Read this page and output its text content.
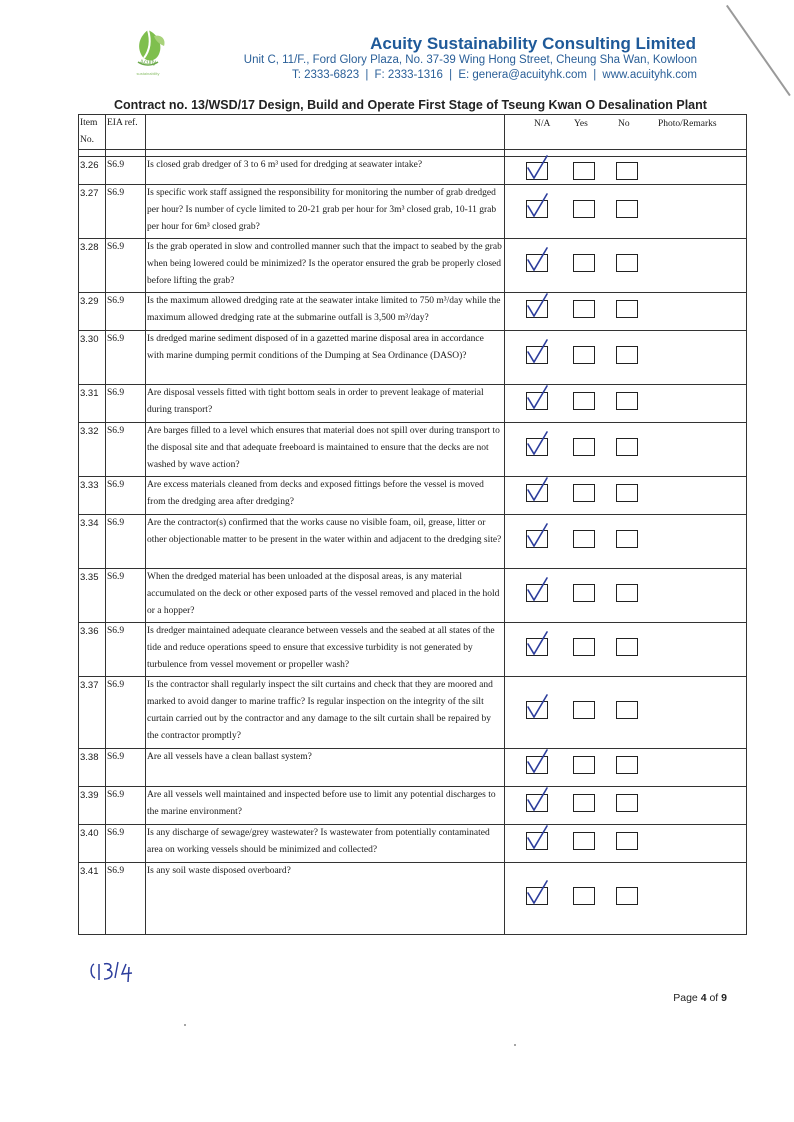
Acuity
sustainability
Acuity Sustainability Consulting Limited
Unit C, 11/F., Ford Glory Plaza, No. 37-39 Wing Hong Street, Cheung Sha Wan, Kowloon
T: 2333-6823 | F: 2333-1316 | E: genera@acuityhk.com | www.acuityhk.com
Contract no. 13/WSD/17 Design, Build and Operate First Stage of Tseung Kwan O Desalination Plant
Item No.	EIA ref.		N/A Yes No Photo/Remarks

3.26	S6.9	Is closed grab dredger of 3 to 6 m³ used for dredging at seawater intake?	

3.27	S6.9	Is specific work staff assigned the responsibility for monitoring the number of grab dredged per hour? Is number of cycle limited to 20-21 grab per hour for 3m³ closed grab, 10-11 grab per hour for 6m³ closed grab?	

3.28	S6.9	Is the grab operated in slow and controlled manner such that the impact to seabed by the grab when being lowered could be minimized? Is the operator ensured the grab be properly closed before lifting the grab?	

3.29	S6.9	Is the maximum allowed dredging rate at the seawater intake limited to 750 m³/day while the maximum allowed dredging rate at the submarine outfall is 3,500 m³/day?	

3.30	S6.9	Is dredged marine sediment disposed of in a gazetted marine disposal area in accordance with marine dumping permit conditions of the Dumping at Sea Ordinance (DASO)?	

3.31	S6.9	Are disposal vessels fitted with tight bottom seals in order to prevent leakage of material during transport?	

3.32	S6.9	Are barges filled to a level which ensures that material does not spill over during transport to the disposal site and that adequate freeboard is maintained to ensure that the decks are not washed by wave action?	

3.33	S6.9	Are excess materials cleaned from decks and exposed fittings before the vessel is moved from the dredging area after dredging?	

3.34	S6.9	Are the contractor(s) confirmed that the works cause no visible foam, oil, grease, litter or other objectionable matter to be present in the water within and adjacent to the dredging site?	

3.35	S6.9	When the dredged material has been unloaded at the disposal areas, is any material accumulated on the deck or other exposed parts of the vessel removed and placed in the hold or a hopper?	

3.36	S6.9	Is dredger maintained adequate clearance between vessels and the seabed at all states of the tide and reduce operations speed to ensure that excessive turbidity is not generated by turbulence from vessel movement or propeller wash?	

3.37	S6.9	Is the contractor shall regularly inspect the silt curtains and check that they are moored and marked to avoid danger to marine traffic? Is regular inspection on the integrity of the silt curtain carried out by the contractor and any damage to the silt curtain shall be repaired by the contractor promptly?	

3.38	S6.9	Are all vessels have a clean ballast system?	

3.39	S6.9	Are all vessels well maintained and inspected before use to limit any potential discharges to the marine environment?	

3.40	S6.9	Is any discharge of sewage/grey wastewater? Is wastewater from potentially contaminated area on working vessels should be minimized and collected?	

3.41	S6.9	Is any soil waste disposed overboard?	
Page 4 of 9
